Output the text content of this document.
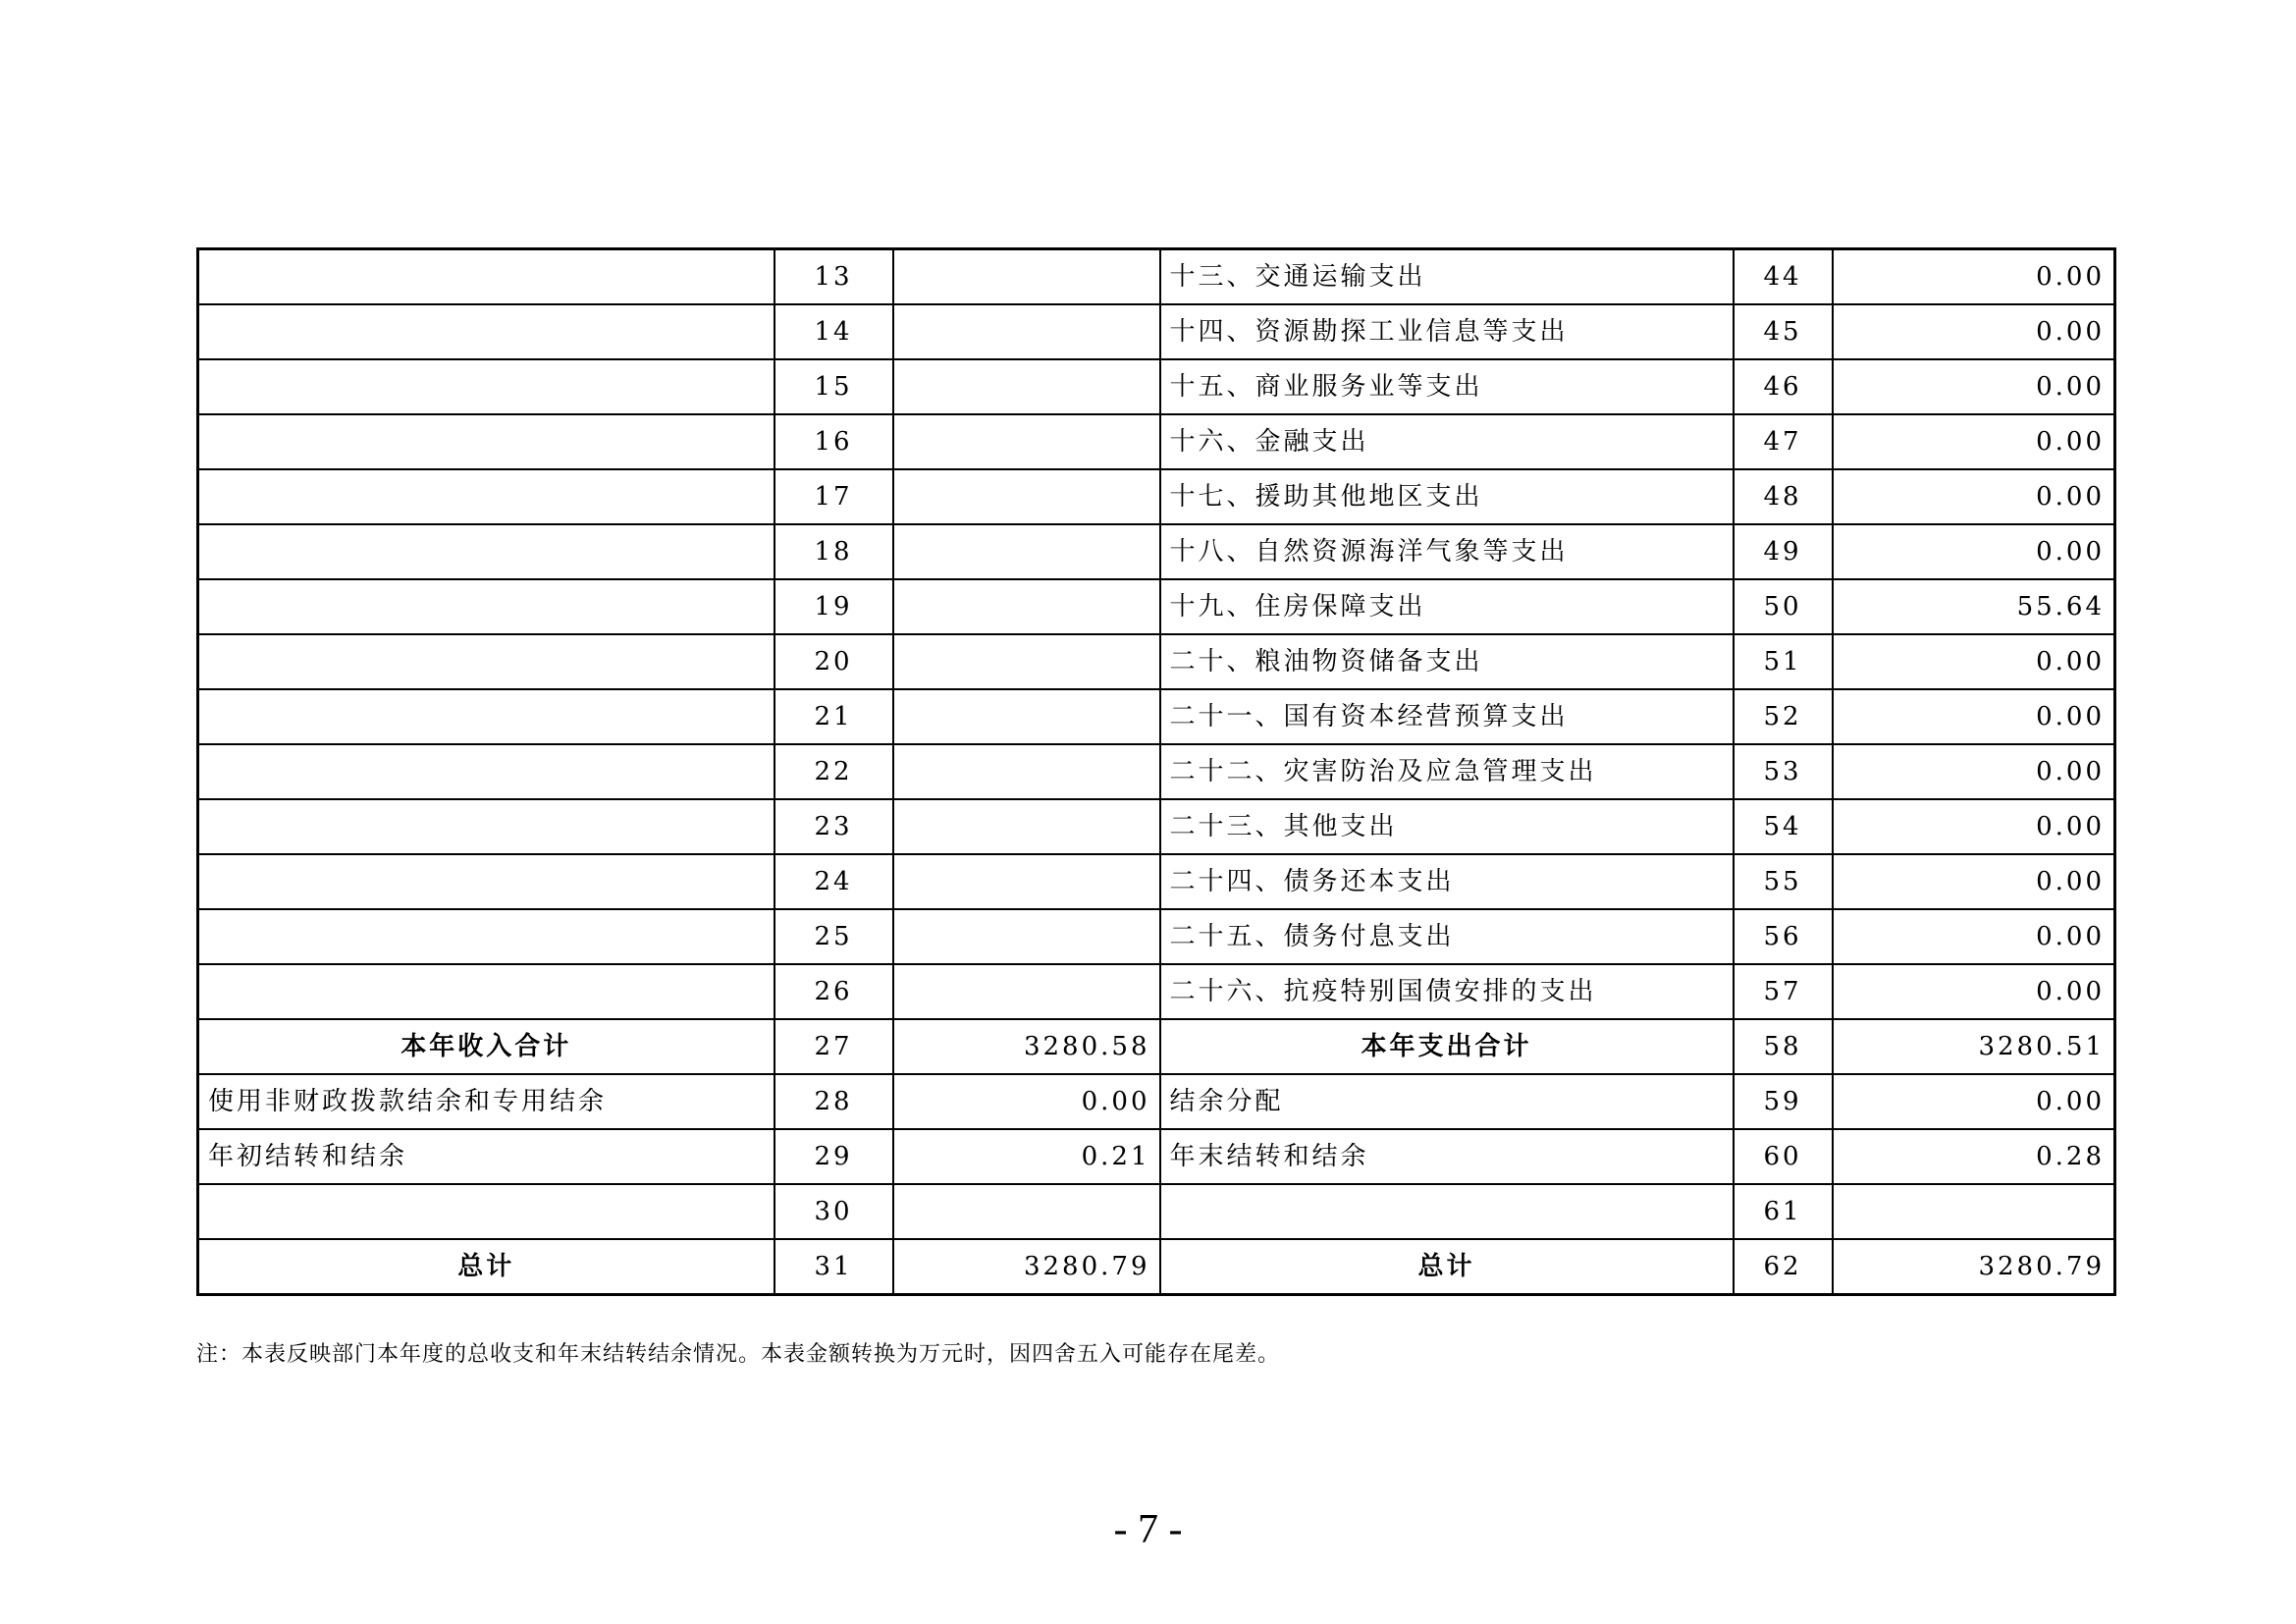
	13		十三、交通运输支出	44	0.00
	14		十四、资源勘探工业信息等支出	45	0.00
	15		十五、商业服务业等支出	46	0.00
	16		十六、金融支出	47	0.00
	17		十七、援助其他地区支出	48	0.00
	18		十八、自然资源海洋气象等支出	49	0.00
	19		十九、住房保障支出	50	55.64
	20		二十、粮油物资储备支出	51	0.00
	21		二十一、国有资本经营预算支出	52	0.00
	22		二十二、灾害防治及应急管理支出	53	0.00
	23		二十三、其他支出	54	0.00
	24		二十四、债务还本支出	55	0.00
	25		二十五、债务付息支出	56	0.00
	26		二十六、抗疫特别国债安排的支出	57	0.00
本年收入合计	27	3280.58	本年支出合计	58	3280.51
使用非财政拨款结余和专用结余	28	0.00	结余分配	59	0.00
年初结转和结余	29	0.21	年末结转和结余	60	0.28
	30			61	
总计	31	3280.79	总计	62	3280.79
注：本表反映部门本年度的总收支和年末结转结余情况。本表金额转换为万元时，因四舍五入可能存在尾差。
- 7 -
